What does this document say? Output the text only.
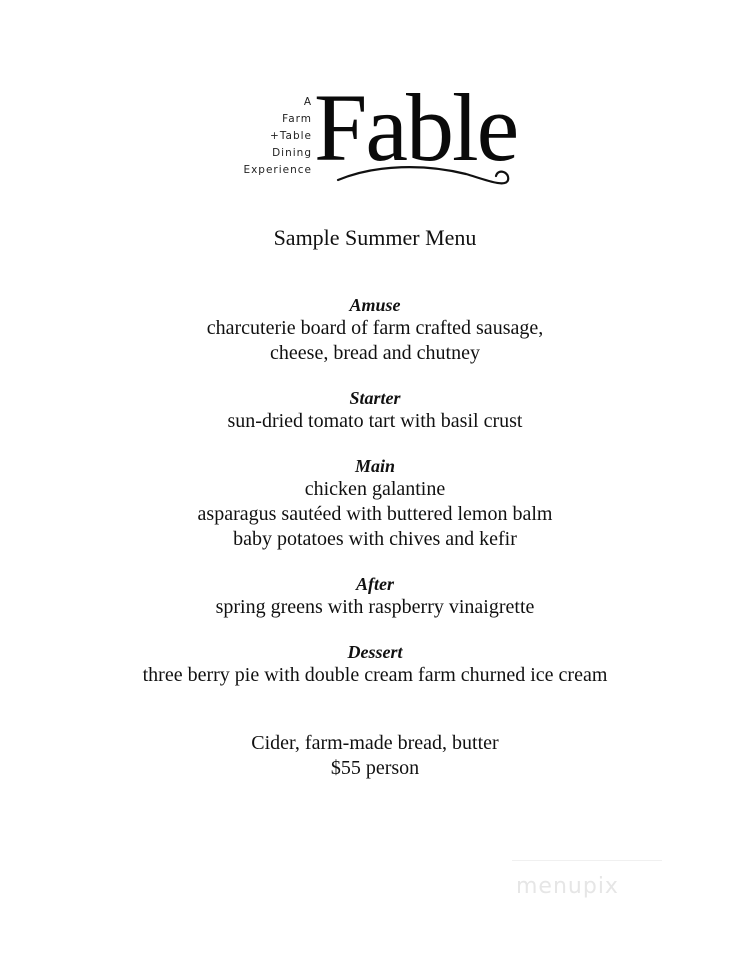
A
Farm
+Table
Dining
Experience Fable
Sample Summer Menu
Amuse
charcuterie board of farm crafted sausage,
cheese, bread and chutney
Starter
sun-dried tomato tart with basil crust
Main
chicken galantine
asparagus sautéed with buttered lemon balm
baby potatoes with chives and kefir
After
spring greens with raspberry vinaigrette
Dessert
three berry pie with double cream farm churned ice cream
Cider, farm-made bread, butter
$55 person
menupix
